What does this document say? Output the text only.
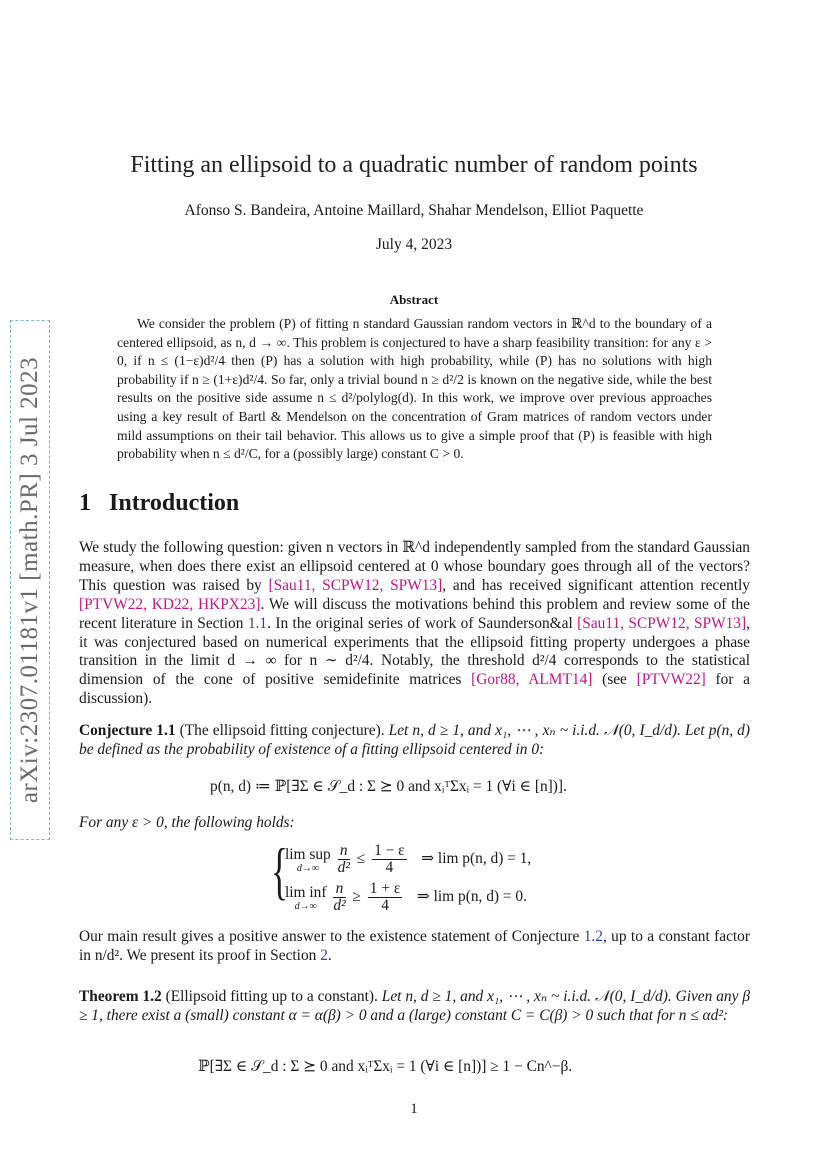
arXiv:2307.01181v1 [math.PR] 3 Jul 2023
Fitting an ellipsoid to a quadratic number of random points
Afonso S. Bandeira, Antoine Maillard, Shahar Mendelson, Elliot Paquette
July 4, 2023
Abstract

We consider the problem (P) of fitting n standard Gaussian random vectors in ℝ^d to the boundary of a centered ellipsoid, as n, d → ∞. This problem is conjectured to have a sharp feasibility transition: for any ε > 0, if n ≤ (1−ε)d²/4 then (P) has a solution with high probability, while (P) has no solutions with high probability if n ≥ (1+ε)d²/4. So far, only a trivial bound n ≥ d²/2 is known on the negative side, while the best results on the positive side assume n ≤ d²/polylog(d). In this work, we improve over previous approaches using a key result of Bartl & Mendelson on the concentration of Gram matrices of random vectors under mild assumptions on their tail behavior. This allows us to give a simple proof that (P) is feasible with high probability when n ≤ d²/C, for a (possibly large) constant C > 0.

1 Introduction

We study the following question: given n vectors in ℝ^d independently sampled from the standard Gaussian measure, when does there exist an ellipsoid centered at 0 whose boundary goes through all of the vectors? This question was raised by [Sau11, SCPW12, SPW13], and has received significant attention recently [PTVW22, KD22, HKPX23]. We will discuss the motivations behind this problem and review some of the recent literature in Section 1.1. In the original series of work of Saunderson&al [Sau11, SCPW12, SPW13], it was conjectured based on numerical experiments that the ellipsoid fitting property undergoes a phase transition in the limit d → ∞ for n ∼ d²/4. Notably, the threshold d²/4 corresponds to the statistical dimension of the cone of positive semidefinite matrices [Gor88, ALMT14] (see [PTVW22] for a discussion).

Conjecture 1.1 (The ellipsoid fitting conjecture). Let n, d ≥ 1, and x₁, ⋯ , xₙ ~ i.i.d. 𝒩(0, I_d/d). Let p(n, d) be defined as the probability of existence of a fitting ellipsoid centered in 0:

p(n, d) ≔ ℙ[∃Σ ∈ 𝒮_d : Σ ⪰ 0 and xᵢᵀΣxᵢ = 1 (∀i ∈ [n])].
For any ε > 0, the following holds:
{
lim sup
d→∞
	$\frac{n}{\text{d²}} \le \frac{1 - \varepsilon}{4}$ ⇒ lim p(n, d) = 1,
lim inf
d→∞
	$\frac{n}{\text{d²}} \ge \frac{1 + \varepsilon}{4}$ ⇒ lim p(n, d) = 0.

Our main result gives a positive answer to the existence statement of Conjecture 1.2, up to a constant factor in n/d². We present its proof in Section 2.

Theorem 1.2 (Ellipsoid fitting up to a constant). Let n, d ≥ 1, and x₁, ⋯ , xₙ ~ i.i.d. 𝒩(0, I_d/d). Given any β ≥ 1, there exist a (small) constant α = α(β) > 0 and a (large) constant C = C(β) > 0 such that for n ≤ αd²:

ℙ[∃Σ ∈ 𝒮_d : Σ ⪰ 0 and xᵢᵀΣxᵢ = 1 (∀i ∈ [n])] ≥ 1 − Cn^−β.
1
